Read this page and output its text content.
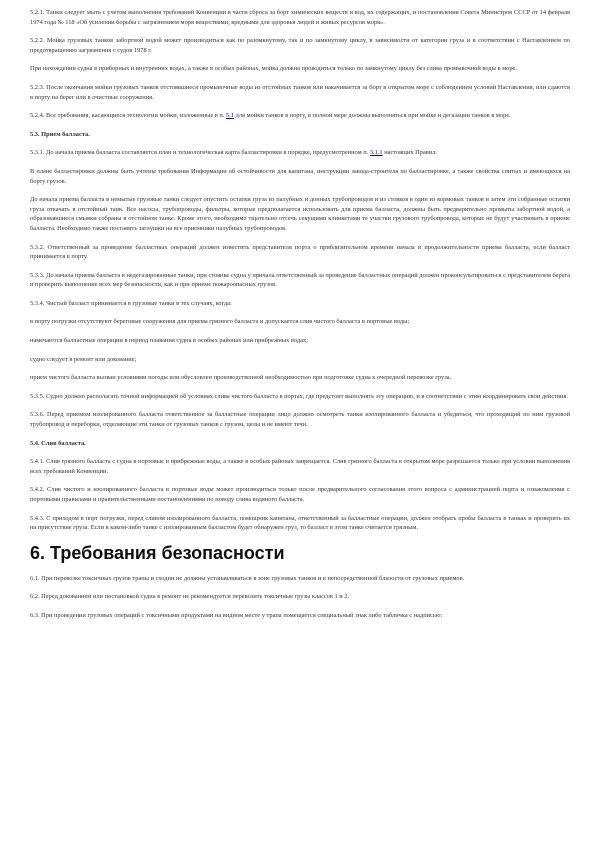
5.2.1. Танки следует мыть с учетом выполнения требований Конвенции в части сброса за борт химических веществ и вод, их содержащих, и постановления Совета Министров СССР от 14 февраля 1974 года № 118 «Об усилении борьбы с загрязнением моря веществами, вредными для здоровья людей и живых ресурсов моря».

5.2.2. Мойка грузовых танков забортной водой может производиться как по разомкнутому, так и по замкнутому циклу, в зависимости от категории груза и в соответствии с Наставлением по предотвращению загрязнения с судов 1978 г.

При нахождении судна в приборных и внутренних водах, а также в особых районах, мойка должна проводиться только по замкнутому циклу без слива промывочной воды в море.

5.2.3. После окончания мойки грузовых танков отстоявшиеся промывочные воды из отстойных танков или накачивается за борт в открытом море с соблюдением условий Наставления, или сдаются в порту на берег или в очистные сооружения.

5.2.4. Все требования, касающиеся технологии мойки, изложенные в п. 5.1 для мойки танков в порту, в полной мере должны выполняться при мойке и дегазации танков в море.

5.3. Прием балласта.

5.3.1. До начала приема балласта составляется план и технологическая карта балластировки в порядке, предусмотренном п. 3.1.1 настоящих Правил.

В плане балластировки должны быть учтены требования Информации об остойчивости для капитана, инструкции завода-строителя по балластировке, а также свойства спитых и имеющихся на борту грузов.

До начала приема балласта в немытые грузовые танки следует опустить остатки груза из палубных и донных трубопроводов и из стояков в один из кормовых танков и затем эти собранные остатки груза откачать в отстойный танк. Все насосы, трубопроводы, фильтры, которые предполагается использовать для приема балласта, должны быть предварительно промыты забортной водой, а образовавшиеся смывки собраны в отстойном танке. Кроме этого, необходимо тщательно отсечь секущими клинкетами те участки грузового трубопровода, которые не будут участвовать в приеме балласта. Необходимо также поставить заглушки на все приемники палубных трубопроводов.

5.3.2. Ответственный за проведение балластных операций должен известить представителя порта о приблизительном времени начала и продолжительности приема балласта, если балласт принимается в порту.

5.3.3. До начала приема балласта в недегазированные танки, при стоянке судна у причала ответственный за проведение балластных операций должен проконсультироваться с представителем берега и проверить выполнение всех мер безопасности, как и при приеме пожароопасных грузов.

5.3.4. Чистый балласт принимается в грузовые танки в тех случаях, когда:

в порту погрузки отсутствуют береговые сооружения для приема грязного балласта и допускается слив чистого балласта в портовые воды;

намечаются балластные операции в период плавания судна в особых районах или прибрежных водах;

судно следует в ремонт или докование;

прием чистого балласта вызван условиями погоды или обусловлен производственной необходимостью при подготовке судна к очередной перевозке груза.

5.3.5. Судно должно располагать точной информацией об условиях слива чистого балласта в портах, где предстоит выполнять эту операцию, и в соответствии с этим координировать свои действия.

5.3.6. Перед приемом изолированного балласта ответственное за балластные операции лицо должно осмотреть танки изолированного балласта и убедиться, что проходящий по ним грузовой трубопровод и переборки, отделяющие эти танки от грузовых танков с грузом, целы и не имеют течи.

5.4. Слив балласта.

5.4.1. Слив грязного балласта с судна в портовые и прибрежные воды, а также в особых районах запрещается. Слив грязного балласта в открытом море разрешается только при условии выполнения всех требований Конвенции.

5.4.2. Слив чистого и изолированного балласта в портовые воды может производиться только после предварительного согласования этого вопроса с администрацией порта и ознакомления с портовыми правилами и правительственными постановлениями по поводу слива водяного балласта.

5.4.3. С приходом в порт погрузки, перед сливом изолированного балласта, помощник капитана, ответственный за балластные операции, должен отобрать пробы балласта в танках и проверить их на присутствие груза. Если в каком-либо танке с изолированным балластом будет обнаружен груз, то балласт в этом танке считается грязным.

6. Требования безопасности

6.1. При перевозке токсичных грузов трапы и сходни не должны устанавливаться в зоне грузовых танков и в непосредственной близости от грузовых приемов.

6.2. Перед докованием или постановкой судна в ремонт не рекомендуется перевозить токсичные грузы классов 1 и 2.

6.3. При проведении грузовых операций с токсичными продуктами на видном месте у трапа помещается специальный знак либо табличка с надписью:
